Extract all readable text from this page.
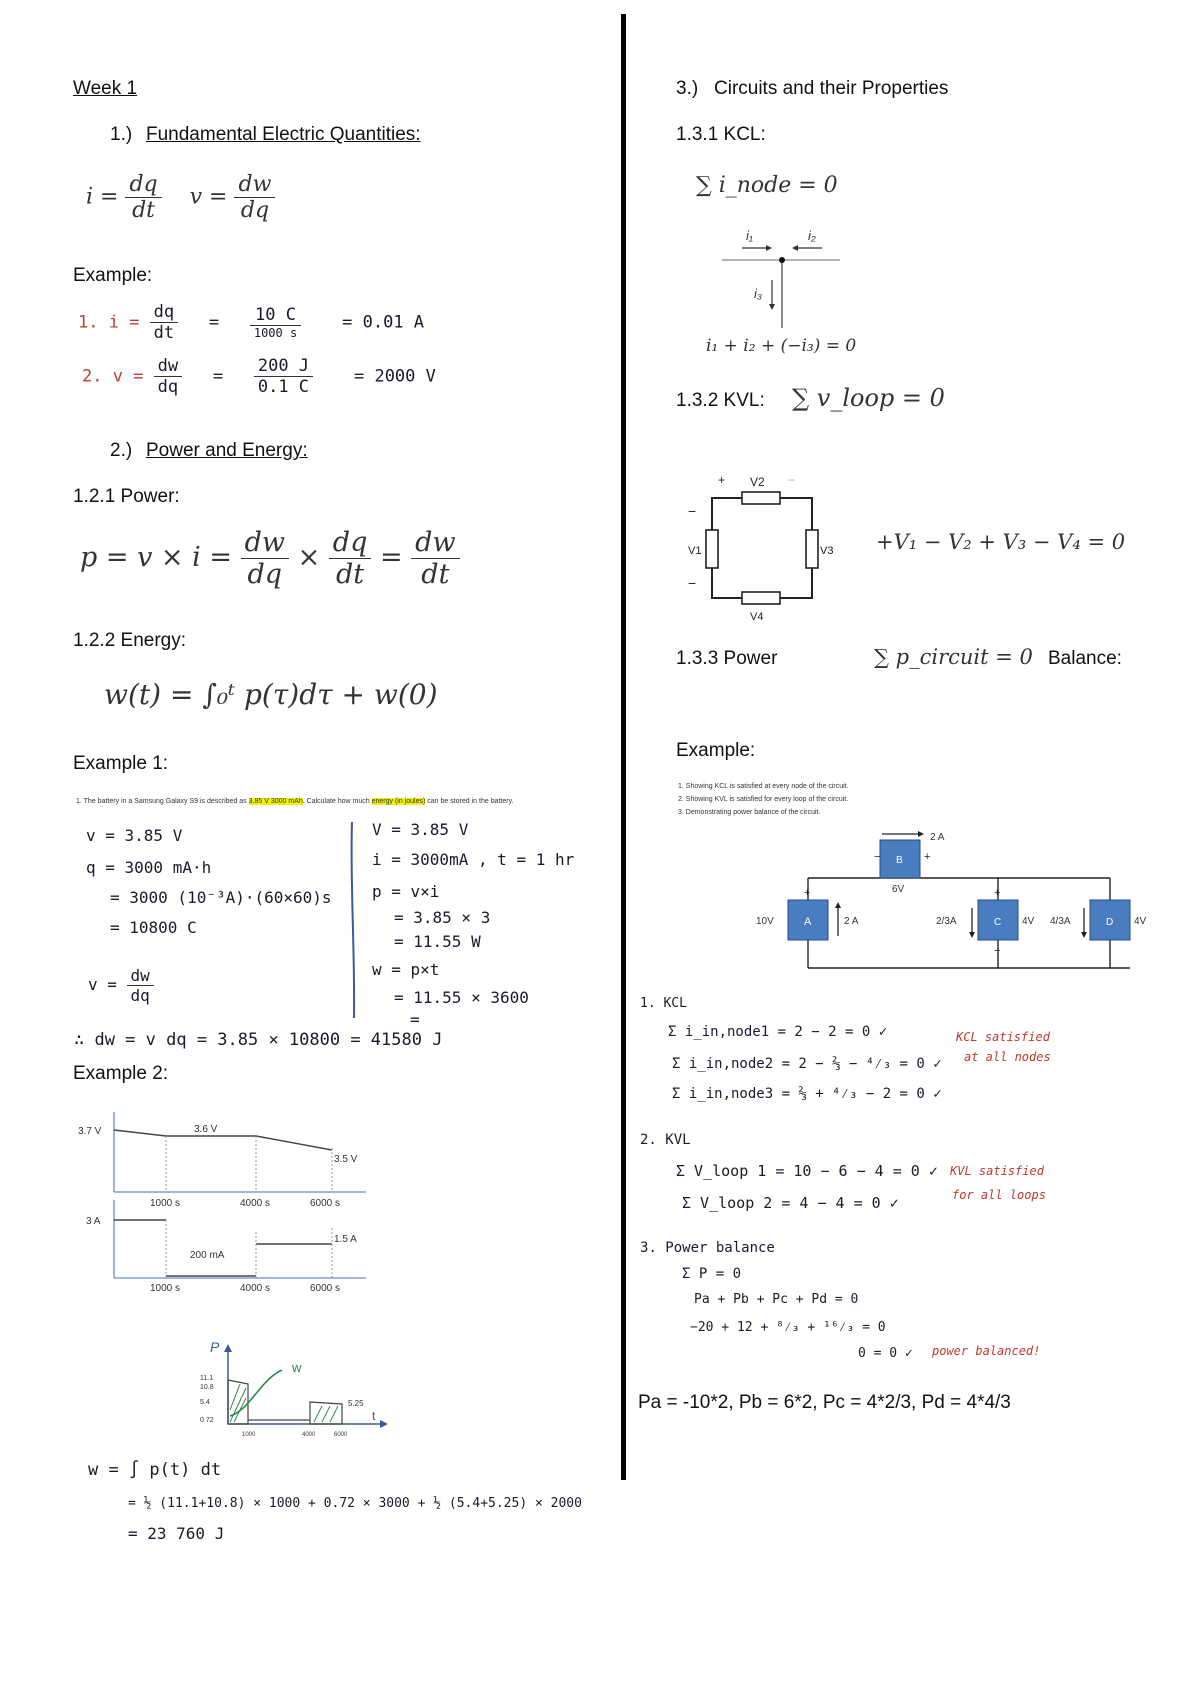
Week 1
1.) Fundamental Electric Quantities:
$i = \frac{dq}{dt}$ $v = \frac{dw}{dq}$
Example:
1. $i = \frac{dq}{dt} = \frac{10 C}{1000 s} = 0.01$ A
2. $v = \frac{dw}{dq} = \frac{200 J}{0.1 C} = 2000$ V
2.) Power and Energy:
1.2.1 Power:
$p = v \times i = \frac{dw}{dq} \times \frac{dq}{dt} = \frac{dw}{dt}$
1.2.2 Energy:
w(t) = ∫₀ᵗ p(τ)dτ + w(0)
Example 1:
1. The battery in a Samsung Galaxy S9 is described as 3.85 V 3000 mAh. Calculate how much energy (in joules) can be stored in the battery.
v = 3.85 V
q = 3000 mA·h
= 3000 (10⁻³A)·(60×60)s
= 10800 C
$v = \frac{dw}{dq}$
∴ dw = v dq = 3.85 × 10800 = 41580 J
V = 3.85 V
i = 3000mA , t = 1 hr
p = v×i
= 3.85 × 3
= 11.55 W
w = p×t
= 11.55 × 3600
=
Example 2:
3.7 V	3.6 V
3.5 V
1000 s	4000 s	6000 s
3 A
200 mA
1.5 A
1000 s	4000 s	6000 s
P
w
t
11.1
10.8
5.4
0.72
5.25
1000	4000	6000
w = ∫ p(t) dt
= ½ (11.1+10.8) × 1000 + 0.72 × 3000 + ½ (5.4+5.25) × 2000
= 23 760 J
3.) Circuits and their Properties
1.3.1 KCL:
∑ i_node = 0
i₁	i₂
i₃
i₁ + i₂ + (−i₃) = 0
1.3.2 KVL: ∑ v_loop = 0
V2
V4
V1	V3
+	−
−
−
+V₁ − V₂ + V₃ − V₄ = 0
1.3.3 Power	∑ p_circuit = 0 Balance:
Example:
1. Showing KCL is satisfied at every node of the circuit.
2. Showing KVL is satisfied for every loop of the circuit.
3. Demonstrating power balance of the circuit.
A
B
C	D
10V	2 A
2 A
6V
2/3A	4V 4/3A	4V
+
−	+
+
−
1. KCL
Σ i_in,node1 = 2 − 2 = 0 ✓
Σ i_in,node2 = 2 − ⅔ − ⁴⁄₃ = 0 ✓
Σ i_in,node3 = ⅔ + ⁴⁄₃ − 2 = 0 ✓
KCL satisfied
at all nodes
2. KVL
Σ V_loop 1 = 10 − 6 − 4 = 0 ✓
Σ V_loop 2 = 4 − 4 = 0 ✓
KVL satisfied
for all loops
3. Power balance
Σ P = 0
Pa + Pb + Pc + Pd = 0
−20 + 12 + ⁸⁄₃ + ¹⁶⁄₃ = 0
0 = 0 ✓ power balanced!
Pa = -10*2, Pb = 6*2, Pc = 4*2/3, Pd = 4*4/3
